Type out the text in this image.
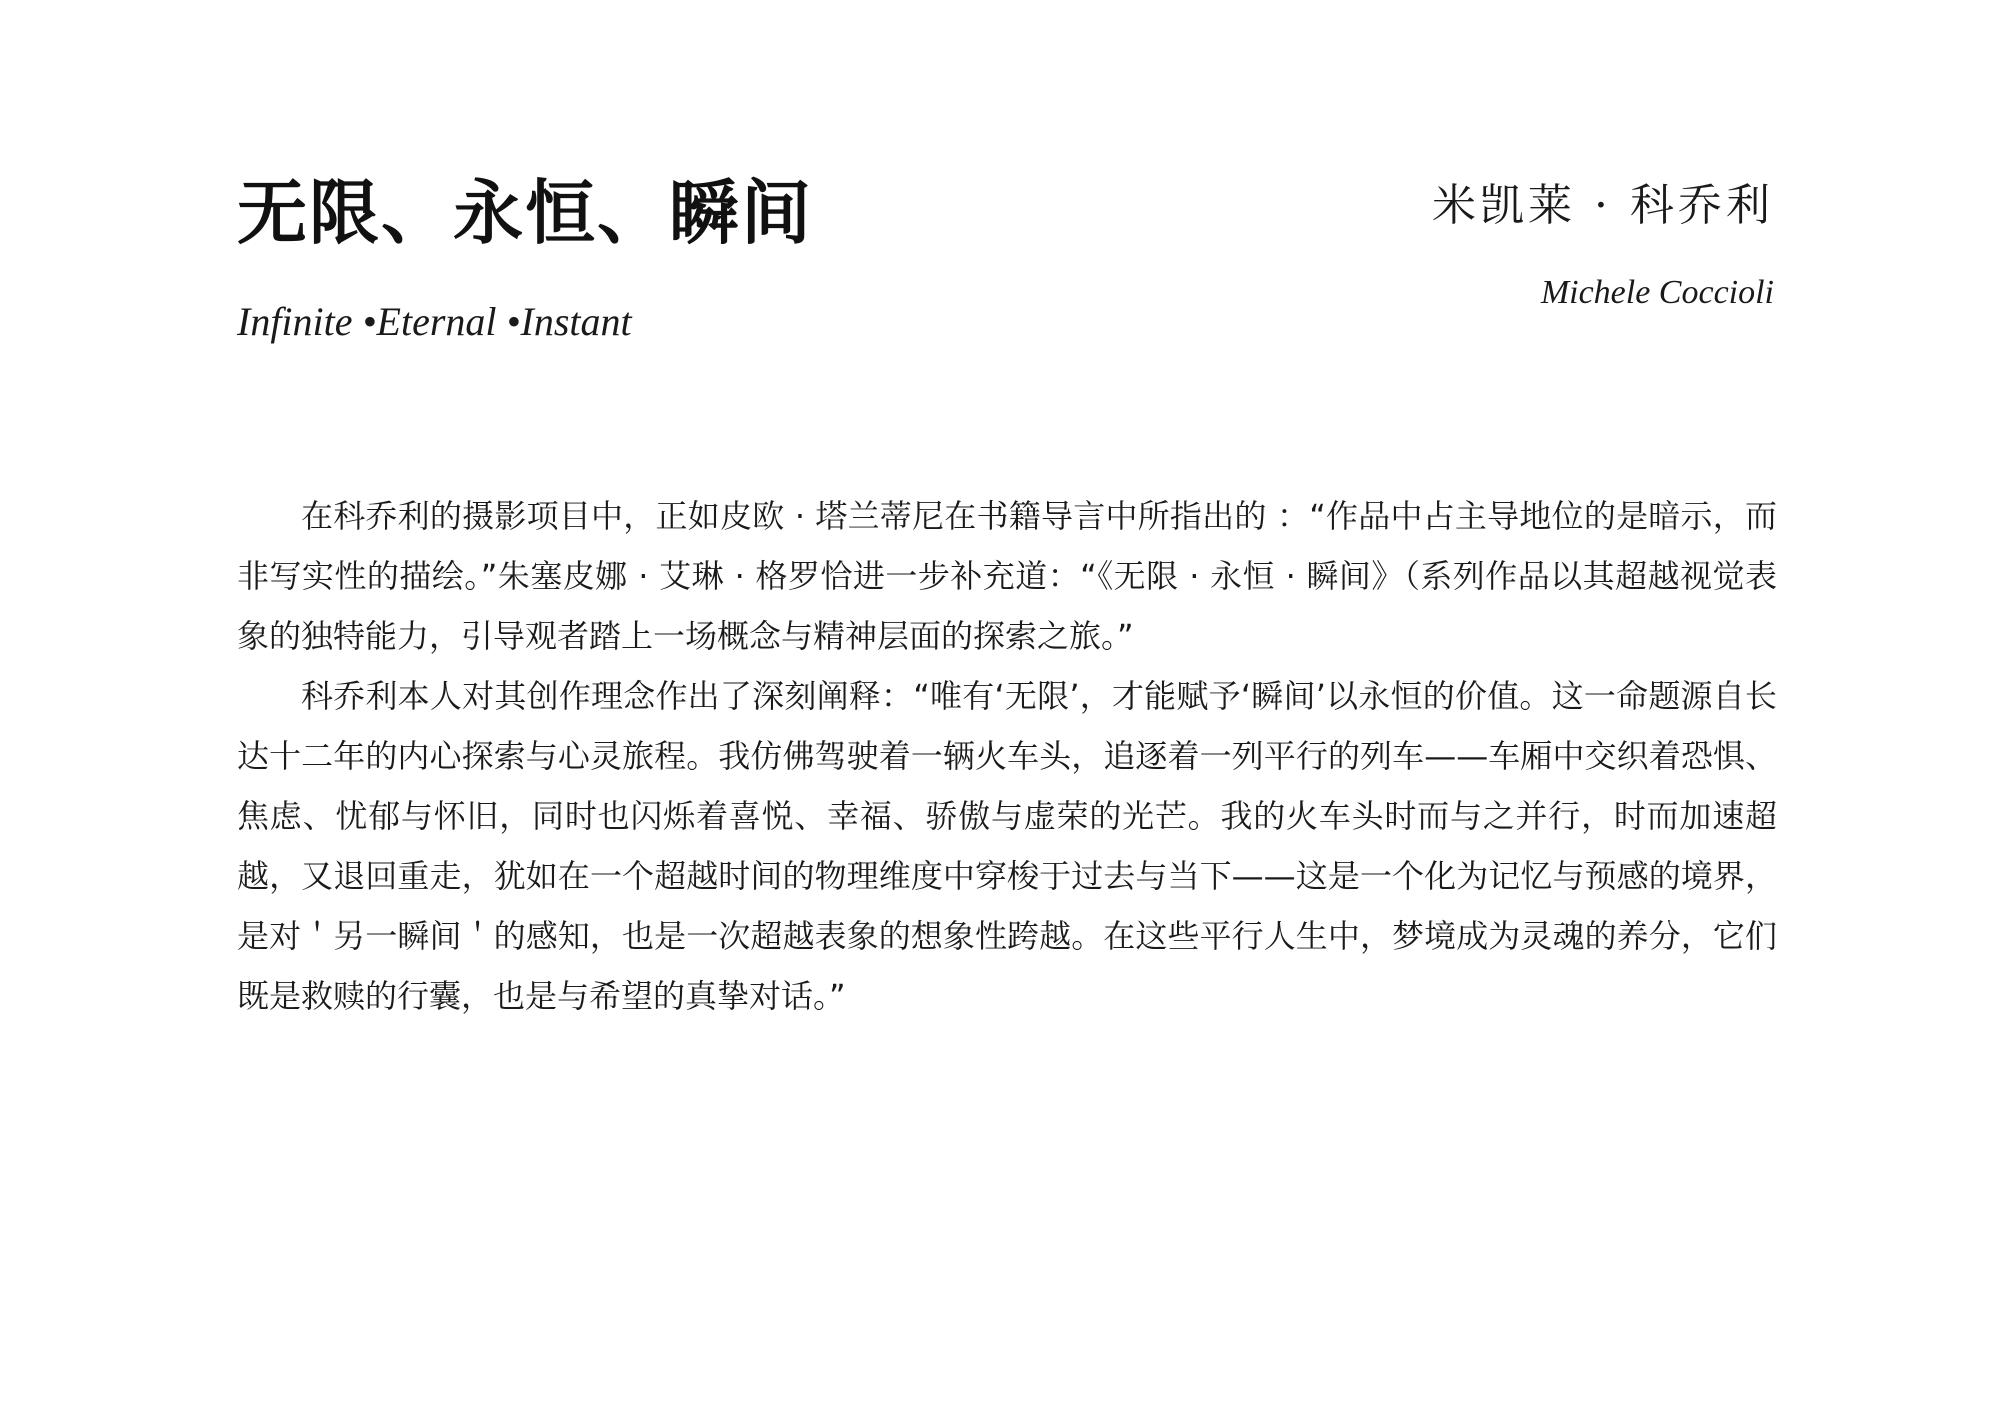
无限、永恒、瞬间
Infinite •Eternal •Instant
米凯莱 · 科乔利
Michele Coccioli

在科乔利的摄影项目中，正如皮欧 · 塔兰蒂尼在书籍导言中所指出的 ：“作品中占主导地位的是暗示，而非写实性的描绘。”朱塞皮娜 · 艾琳 · 格罗恰进一步补充道：“《无限 · 永恒 · 瞬间》（系列作品以其超越视觉表象的独特能力，引导观者踏上一场概念与精神层面的探索之旅。”

科乔利本人对其创作理念作出了深刻阐释：“唯有‘无限’，才能赋予‘瞬间’以永恒的价值。这一命题源自长达十二年的内心探索与心灵旅程。我仿佛驾驶着一辆火车头，追逐着一列平行的列车——车厢中交织着恐惧、焦虑、忧郁与怀旧，同时也闪烁着喜悦、幸福、骄傲与虚荣的光芒。我的火车头时而与之并行，时而加速超越，又退回重走，犹如在一个超越时间的物理维度中穿梭于过去与当下——这是一个化为记忆与预感的境界，是对＇另一瞬间＇的感知，也是一次超越表象的想象性跨越。在这些平行人生中，梦境成为灵魂的养分，它们既是救赎的行囊，也是与希望的真挚对话。”
